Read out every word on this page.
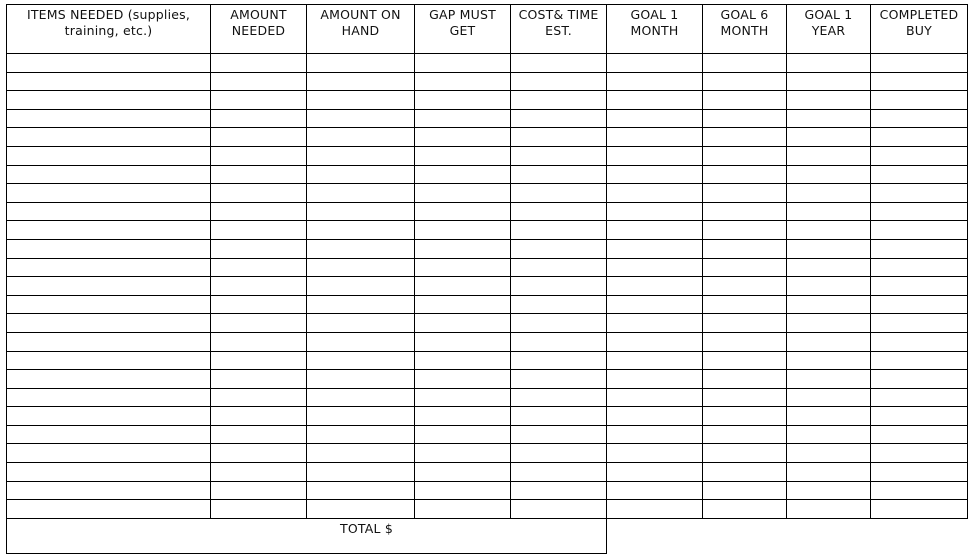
ITEMS NEEDED (supplies, training, etc.)	AMOUNT NEEDED	AMOUNT ON HAND	GAP MUST GET	COST& TIME EST.	GOAL 1 MONTH	GOAL 6 MONTH	GOAL 1 YEAR	COMPLETED BUY

TOTAL $								
